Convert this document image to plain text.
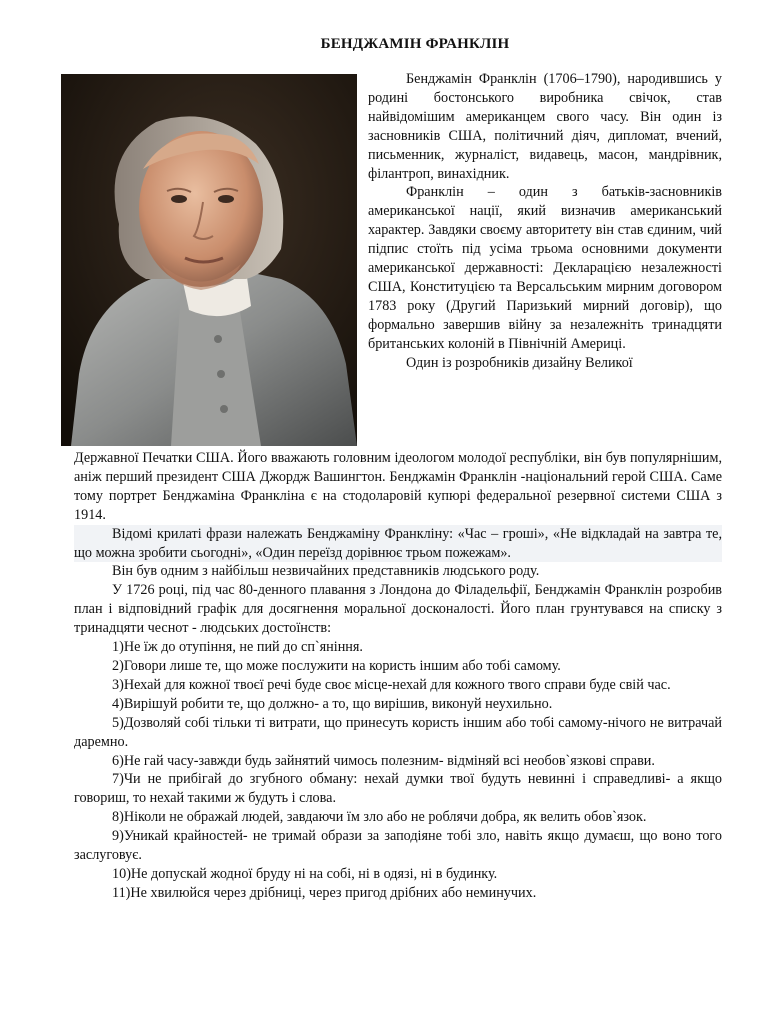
БЕНДЖАМІН ФРАНКЛІН

Бенджамін Франклін (1706–1790), народившись у родині бостонського виробника свічок, став найвідомішим американцем свого часу. Він один із засновників США, політичний діяч, дипломат, вчений, письменник, журналіст, видавець, масон, мандрівник, філантроп, винахідник.

Франклін – один з батьків-засновників американської нації, який визначив американський характер. Завдяки своєму авторитету він став єдиним, чий підпис стоїть під усіма трьома основними документи американської державності: Декларацією незалежності США, Конституцією та Версальським мирним договором 1783 року (Другий Паризький мирний договір), що формально завершив війну за незалежніть тринадцяти британських колоній в Північній Америці.

Один із розробників дизайну Великої

Державної Печатки США. Його вважають головним ідеологом молодої республіки, він був популярнішим, аніж перший президент США Джордж Вашингтон. Бенджамін Франклін -національний герой США. Саме тому портрет Бенджаміна Франкліна є на стодоларовій купюрі федеральної резервної системи США з 1914.

Відомі крилаті фрази належать Бенджаміну Франкліну: «Час – гроші», «Не відкладай на завтра те, що можна зробити сьогодні», «Один переїзд дорівнює трьом пожежам».

Він був одним з найбільш незвичайних представників людського роду.

У 1726 році, під час 80-денного плавання з Лондона до Філадельфії, Бенджамін Франклін розробив план і відповідний графік для досягнення моральної досконалості. Його план грунтувався на списку з тринадцяти чеснот - людських достоїнств:

1)Не їж до отупіння, не пий до сп`яніння.

2)Говори лише те, що може послужити на користь іншим або тобі самому.

3)Нехай для кожної твоєї речі буде своє місце-нехай для кожного твого справи буде свій час.

4)Вирішуй робити те, що должно- а то, що вирішив, виконуй неухильно.

5)Дозволяй собі тільки ті витрати, що принесуть користь іншим або тобі самому-нічого не витрачай даремно.

6)Не гай часу-завжди будь зайнятий чимось полезним- відміняй всі необов`язкові справи.

7)Чи не прибігай до згубного обману: нехай думки твої будуть невинні і справедливі- а якщо говориш, то нехай такими ж будуть і слова.

8)Ніколи не ображай людей, завдаючи їм зло або не роблячи добра, як велить обов`язок.

9)Уникай крайностей- не тримай образи за заподіяне тобі зло, навіть якщо думаєш, що воно того заслуговує.

10)Не допускай жодної бруду ні на собі, ні в одязі, ні в будинку.

11)Не хвилюйся через дрібниці, через пригод дрібних або неминучих.
